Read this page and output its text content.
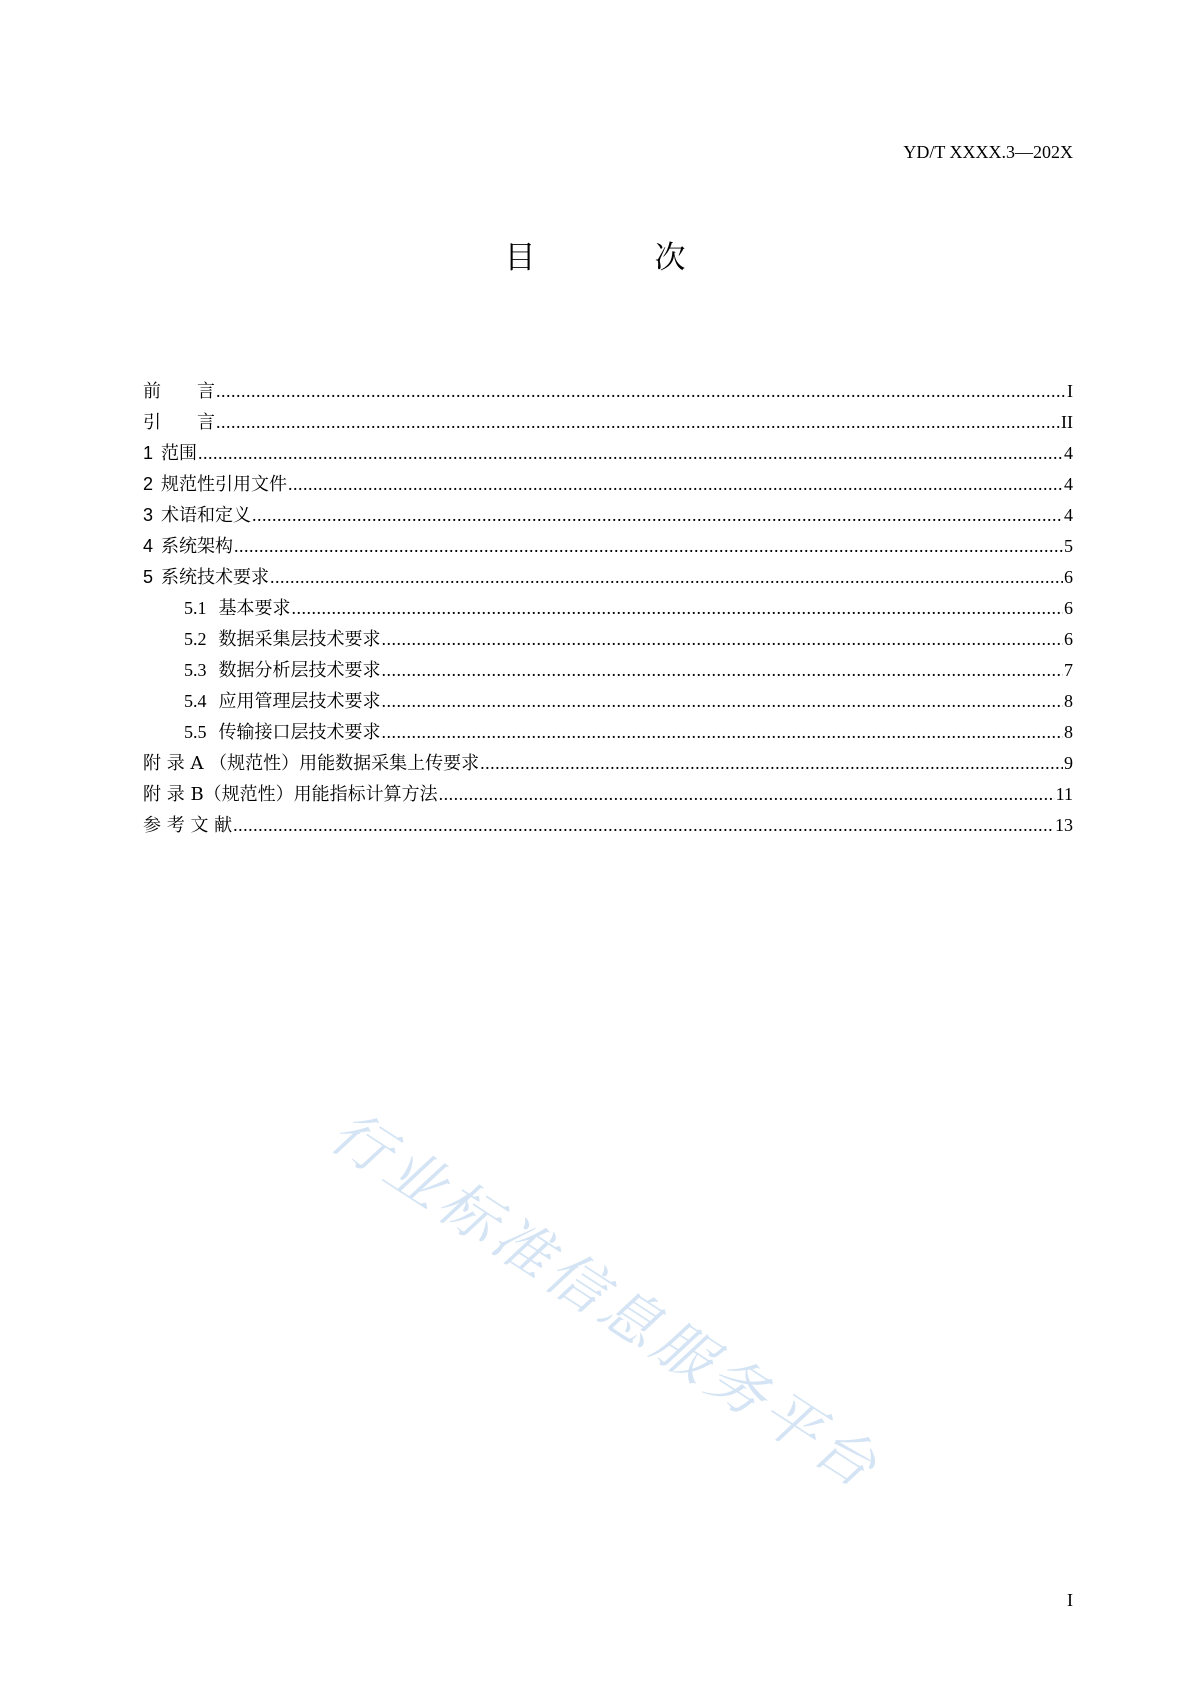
YD/T XXXX.3—202X
目　次
前　　言 .....	I
引　　言 .....	II
1 范围 .....	4
2 规范性引用文件 .....	4
3 术语和定义 .....	4
4 系统架构 .....	5
5 系统技术要求 .....	6
5.1 基本要求 .....	6
5.2 数据采集层技术要求 .....	6
5.3 数据分析层技术要求 .....	7
5.4 应用管理层技术要求 .....	8
5.5 传输接口层技术要求 .....	8
附 录 A （规范性）用能数据采集上传要求 .....	9
附 录 B（规范性）用能指标计算方法 .....	11
参 考 文 献 .....	13
I
行业标准信息服务平台
